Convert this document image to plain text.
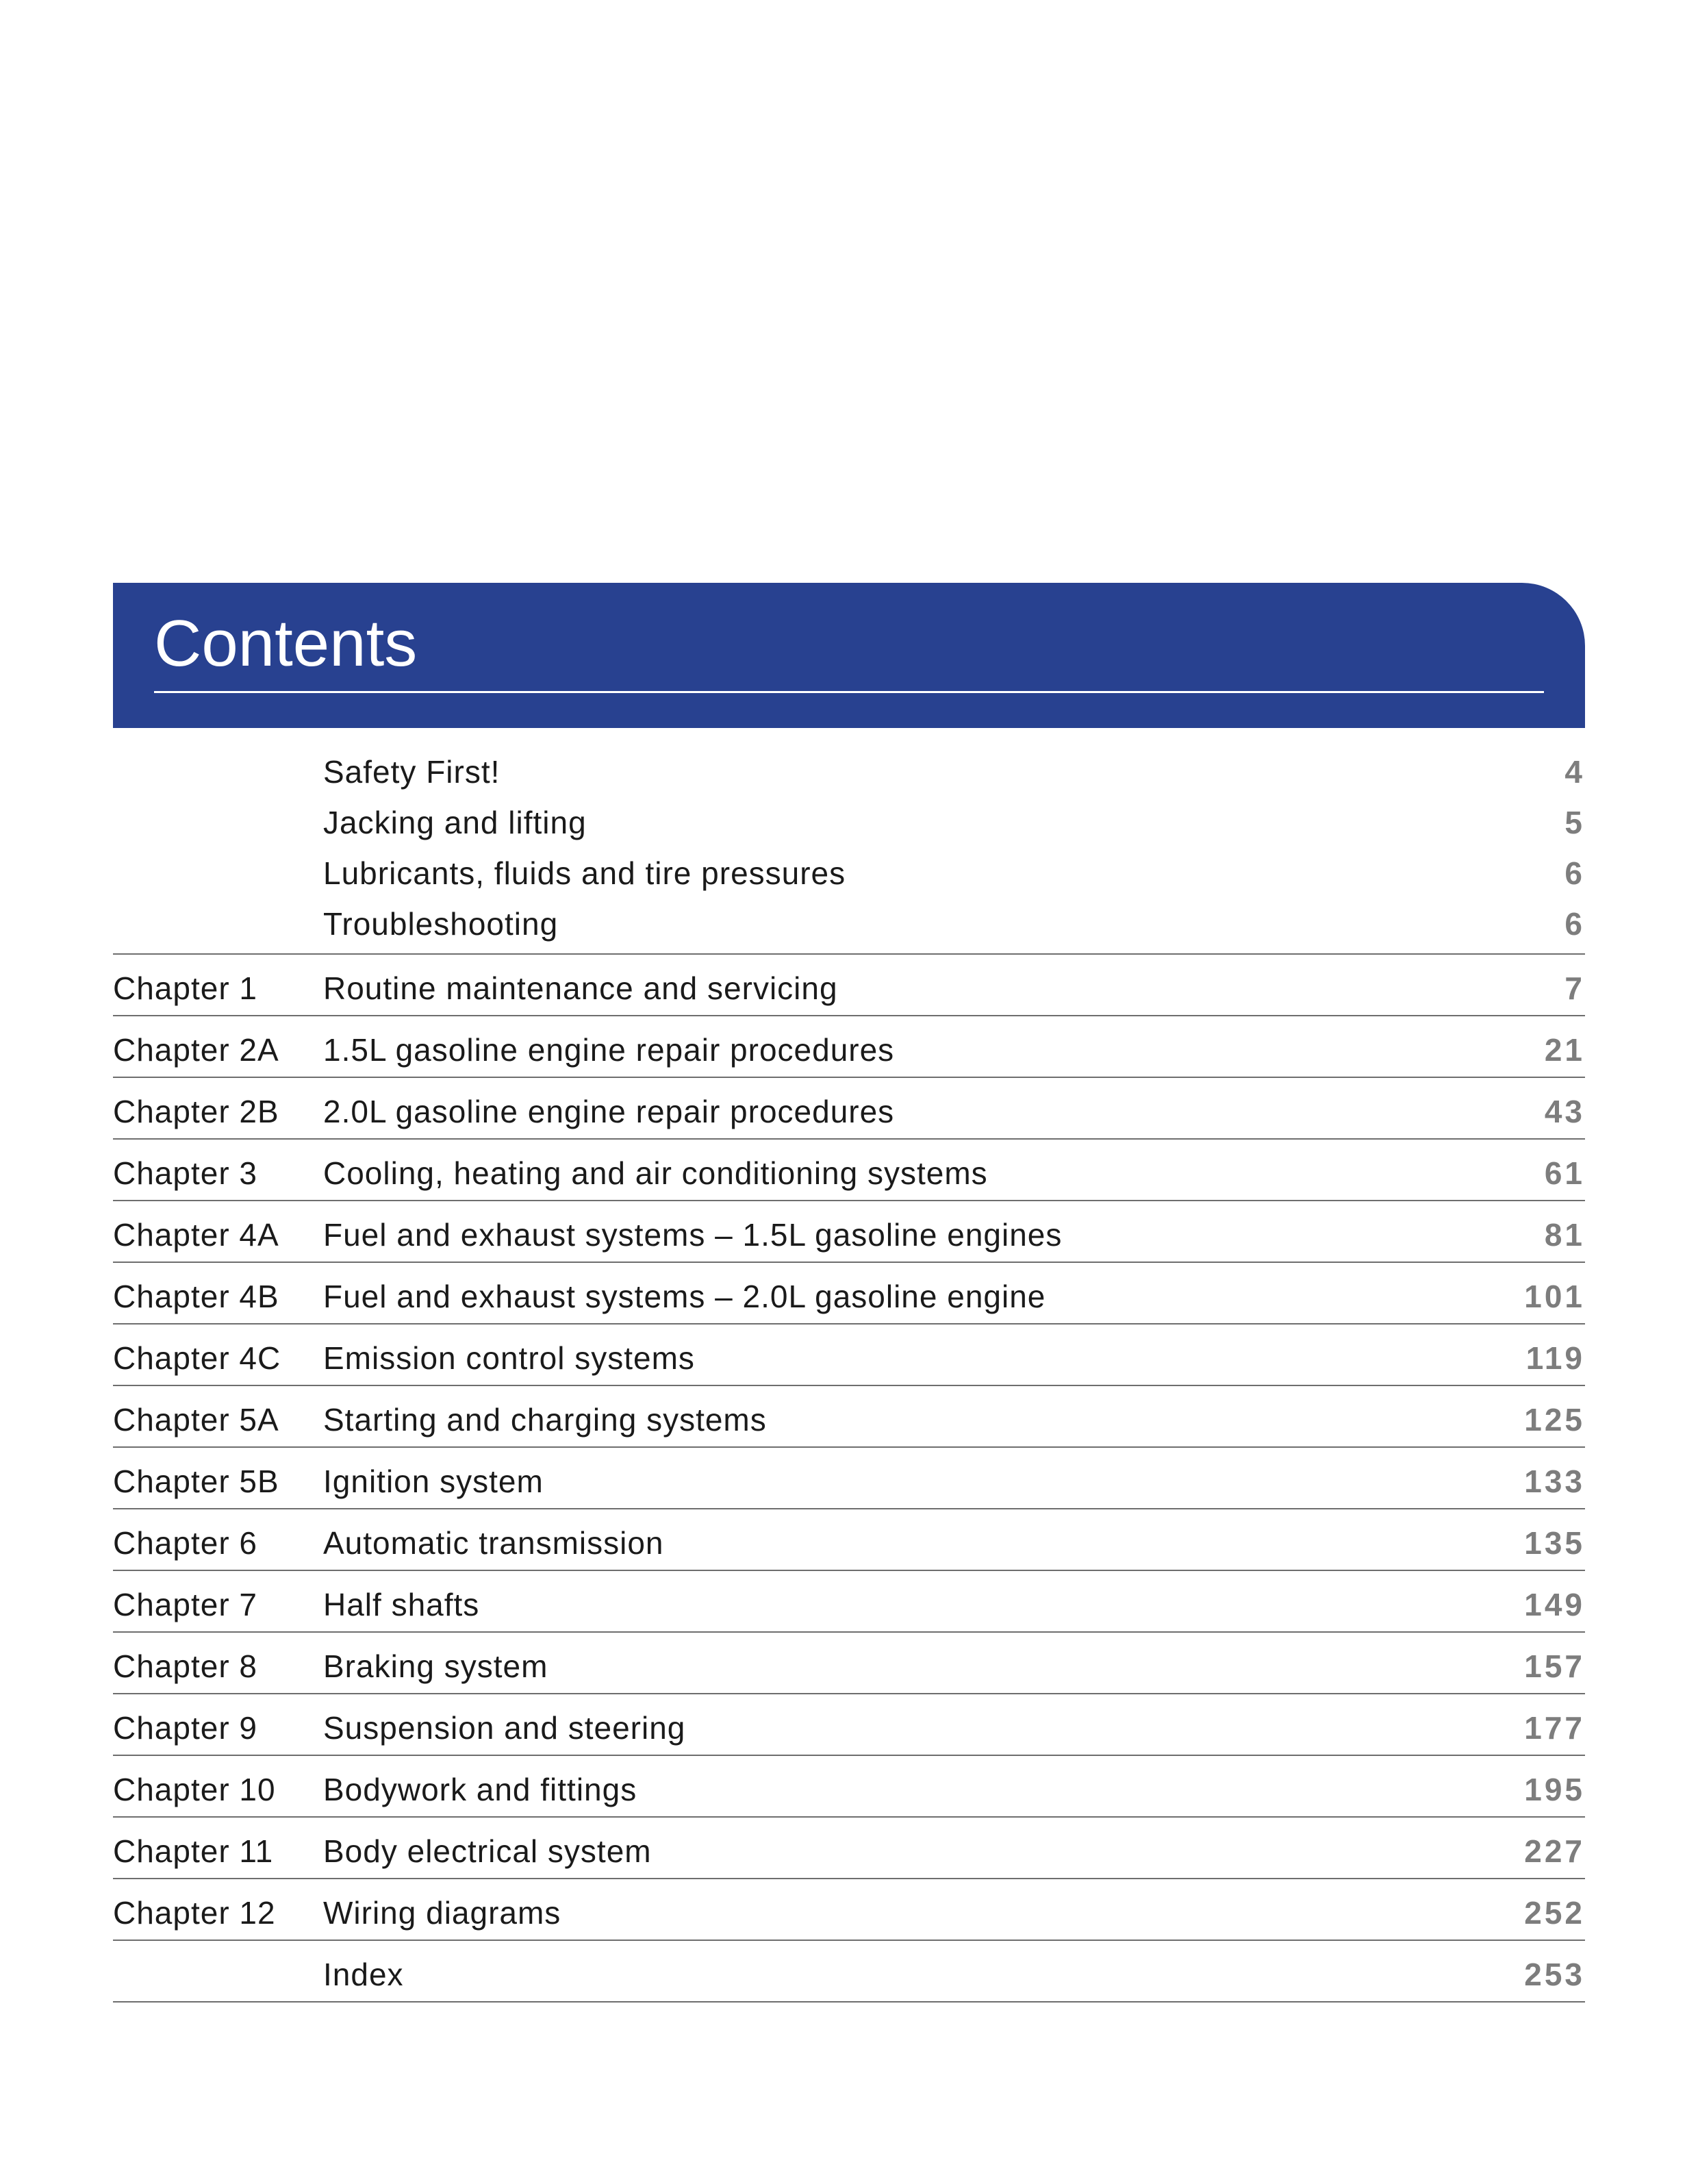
Contents
Safety First!	4
Jacking and lifting	5
Lubricants, fluids and tire pressures	6
Troubleshooting	6
Chapter 1 Routine maintenance and servicing	7
Chapter 2A 1.5L gasoline engine repair procedures	21
Chapter 2B 2.0L gasoline engine repair procedures	43
Chapter 3 Cooling, heating and air conditioning systems	61
Chapter 4A Fuel and exhaust systems – 1.5L gasoline engines	81
Chapter 4B Fuel and exhaust systems – 2.0L gasoline engine	101
Chapter 4C Emission control systems	119
Chapter 5A Starting and charging systems	125
Chapter 5B Ignition system	133
Chapter 6 Automatic transmission	135
Chapter 7 Half shafts	149
Chapter 8 Braking system	157
Chapter 9 Suspension and steering	177
Chapter 10 Bodywork and fittings	195
Chapter 11 Body electrical system	227
Chapter 12 Wiring diagrams	252
Index	253
